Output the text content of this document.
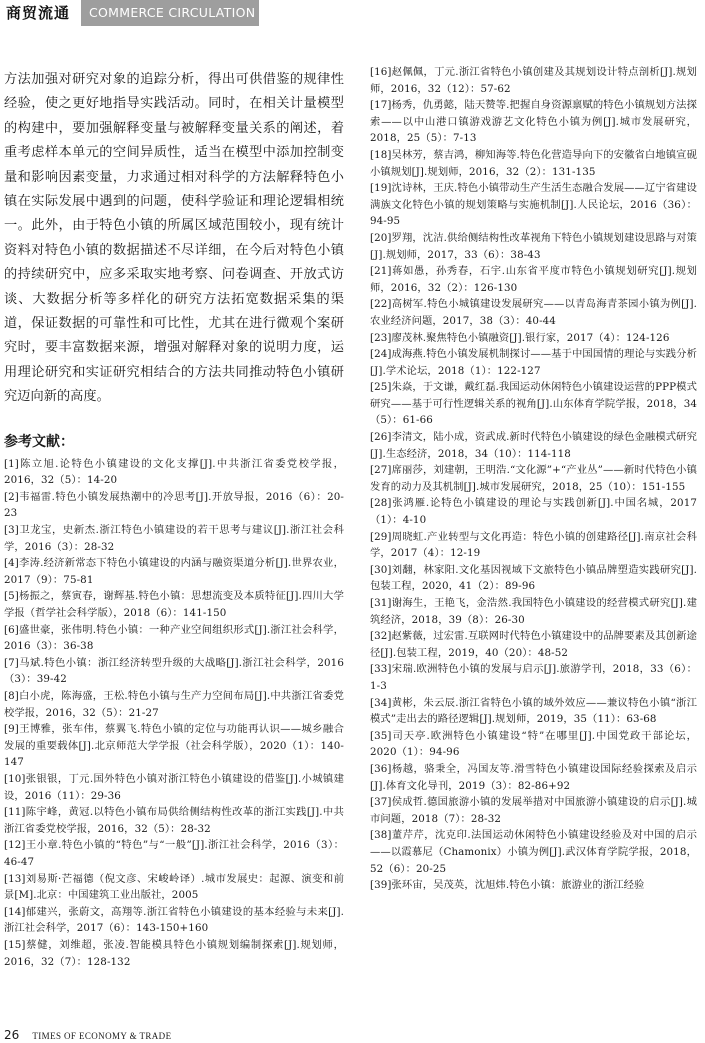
商贸流通	COMMERCE CIRCULATION

方法加强对研究对象的追踪分析，得出可供借鉴的规律性经验，使之更好地指导实践活动。同时，在相关计量模型的构建中，要加强解释变量与被解释变量关系的阐述，着重考虑样本单元的空间异质性，适当在模型中添加控制变量和影响因素变量，力求通过相对科学的方法解释特色小镇在实际发展中遇到的问题，使科学验证和理论逻辑相统一。此外，由于特色小镇的所属区域范围较小，现有统计资料对特色小镇的数据描述不尽详细，在今后对特色小镇的持续研究中，应多采取实地考察、问卷调查、开放式访谈、大数据分析等多样化的研究方法拓宽数据采集的渠道，保证数据的可靠性和可比性，尤其在进行微观个案研究时，要丰富数据来源，增强对解释对象的说明力度，运用理论研究和实证研究相结合的方法共同推动特色小镇研究迈向新的高度。

参考文献：
[1]陈立旭.论特色小镇建设的文化支撑[J].中共浙江省委党校学报，2016，32（5）：14-20
[2]韦福雷.特色小镇发展热潮中的冷思考[J].开放导报，2016（6）：20-23
[3]卫龙宝，史新杰.浙江特色小镇建设的若干思考与建议[J].浙江社会科学，2016（3）：28-32
[4]李涛.经济新常态下特色小镇建设的内涵与融资渠道分析[J].世界农业，2017（9）：75-81
[5]杨振之，蔡寅春，谢辉基.特色小镇：思想流变及本质特征[J].四川大学学报（哲学社会科学版），2018（6）：141-150
[6]盛世豪，张伟明.特色小镇：一种产业空间组织形式[J].浙江社会科学，2016（3）：36-38
[7]马斌.特色小镇：浙江经济转型升级的大战略[J].浙江社会科学，2016（3）：39-42
[8]白小虎，陈海盛，王松.特色小镇与生产力空间布局[J].中共浙江省委党校学报，2016，32（5）：21-27
[9]王博雅，张车伟，蔡翼飞.特色小镇的定位与功能再认识——城乡融合发展的重要载体[J].北京师范大学学报（社会科学版），2020（1）：140-147
[10]张银银，丁元.国外特色小镇对浙江特色小镇建设的借鉴[J].小城镇建设，2016（11）：29-36
[11]陈宇峰，黄冠.以特色小镇布局供给侧结构性改革的浙江实践[J].中共浙江省委党校学报，2016，32（5）：28-32
[12]王小章.特色小镇的“特色”与“一般”[J].浙江社会科学，2016（3）：46-47
[13]刘易斯·芒福德（倪文彦、宋峻岭译）.城市发展史：起源、演变和前景[M].北京：中国建筑工业出版社，2005
[14]郁建兴，张蔚文，高翔等.浙江省特色小镇建设的基本经验与未来[J].浙江社会科学，2017（6）：143-150+160
[15]蔡健，刘维超，张凌.智能模具特色小镇规划编制探索[J].规划师，2016，32（7）：128-132
[16]赵佩佩，丁元.浙江省特色小镇创建及其规划设计特点剖析[J].规划师，2016，32（12）：57-62
[17]杨秀，仇勇懿，陆天赞等.把握自身资源禀赋的特色小镇规划方法探索——以中山港口镇游戏游艺文化特色小镇为例[J].城市发展研究，2018，25（5）：7-13
[18]吴林芳，蔡吉鸿，柳知海等.特色化营造导向下的安徽省白地镇宣砚小镇规划[J].规划师，2016，32（2）：131-135
[19]沈诗林，王庆.特色小镇带动生产生活生态融合发展——辽宁省建设满族文化特色小镇的规划策略与实施机制[J].人民论坛，2016（36）：94-95
[20]罗翔，沈洁.供给侧结构性改革视角下特色小镇规划建设思路与对策[J].规划师，2017，33（6）：38-43
[21]蒋如愚，孙秀春，石宇.山东省平度市特色小镇规划研究[J].规划师，2016，32（2）：126-130
[22]高树军.特色小城镇建设发展研究——以青岛海青茶园小镇为例[J].农业经济问题，2017，38（3）：40-44
[23]廖茂林.聚焦特色小镇融资[J].银行家，2017（4）：124-126
[24]成海燕.特色小镇发展机制探讨——基于中国国情的理论与实践分析[J].学术论坛，2018（1）：122-127
[25]朱焱，于文谦，戴红磊.我国运动休闲特色小镇建设运营的PPP模式研究——基于可行性逻辑关系的视角[J].山东体育学院学报，2018，34（5）：61-66
[26]李清文，陆小成，资武成.新时代特色小镇建设的绿色金融模式研究[J].生态经济，2018，34（10）：114-118
[27]席丽莎，刘建朝，王明浩.“文化源”+“产业丛”——新时代特色小镇发育的动力及其机制[J].城市发展研究，2018，25（10）：151-155
[28]张鸿雁.论特色小镇建设的理论与实践创新[J].中国名城，2017（1）：4-10
[29]周晓虹.产业转型与文化再造：特色小镇的创建路径[J].南京社会科学，2017（4）：12-19
[30]刘翻，林家阳.文化基因视域下文旅特色小镇品牌塑造实践研究[J].包装工程，2020，41（2）：89-96
[31]谢海生，王艳飞，金浩然.我国特色小镇建设的经营模式研究[J].建筑经济，2018，39（8）：26-30
[32]赵紫薇，过宏雷.互联网时代特色小镇建设中的品牌要素及其创新途径[J].包装工程，2019，40（20）：48-52
[33]宋瑞.欧洲特色小镇的发展与启示[J].旅游学刊，2018，33（6）：1-3
[34]黄彬，朱云辰.浙江省特色小镇的域外效应——兼议特色小镇“浙江模式”走出去的路径逻辑[J].规划师，2019，35（11）：63-68
[35]司天亭.欧洲特色小镇建设“特”在哪里[J].中国党政干部论坛，2020（1）：94-96
[36]杨越，骆秉全，冯国友等.滑雪特色小镇建设国际经验探索及启示[J].体育文化导刊，2019（3）：82-86+92
[37]侯成哲.德国旅游小镇的发展举措对中国旅游小镇建设的启示[J].城市问题，2018（7）：28-32
[38]董芹芹，沈克印.法国运动休闲特色小镇建设经验及对中国的启示——以霞慕尼（Chamonix）小镇为例[J].武汉体育学院学报，2018，52（6）：20-25
[39]张环宙，吴茂英，沈旭炜.特色小镇：旅游业的浙江经验
26 TIMES OF ECONOMY & TRADE
